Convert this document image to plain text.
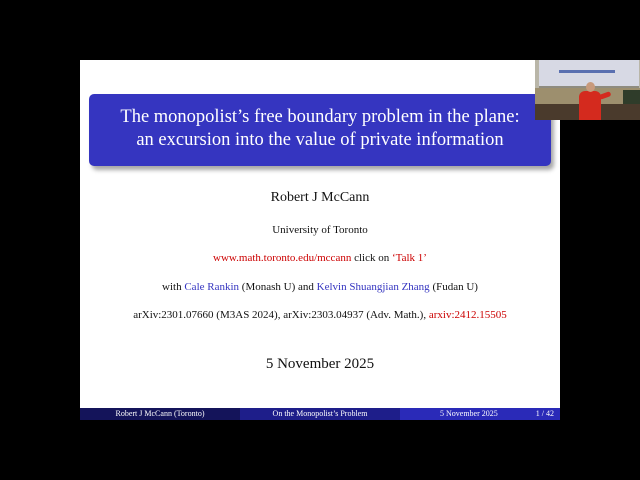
The monopolist’s free boundary problem in the plane:
an excursion into the value of private information
Robert J McCann
University of Toronto
www.math.toronto.edu/mccann click on ‘Talk 1’
with Cale Rankin (Monash U) and Kelvin Shuangjian Zhang (Fudan U)
arXiv:2301.07660 (M3AS 2024), arXiv:2303.04937 (Adv. Math.), arxiv:2412.15505
5 November 2025
Robert J McCann (Toronto)	On the Monopolist’s Problem	5 November 2025	1 / 42
